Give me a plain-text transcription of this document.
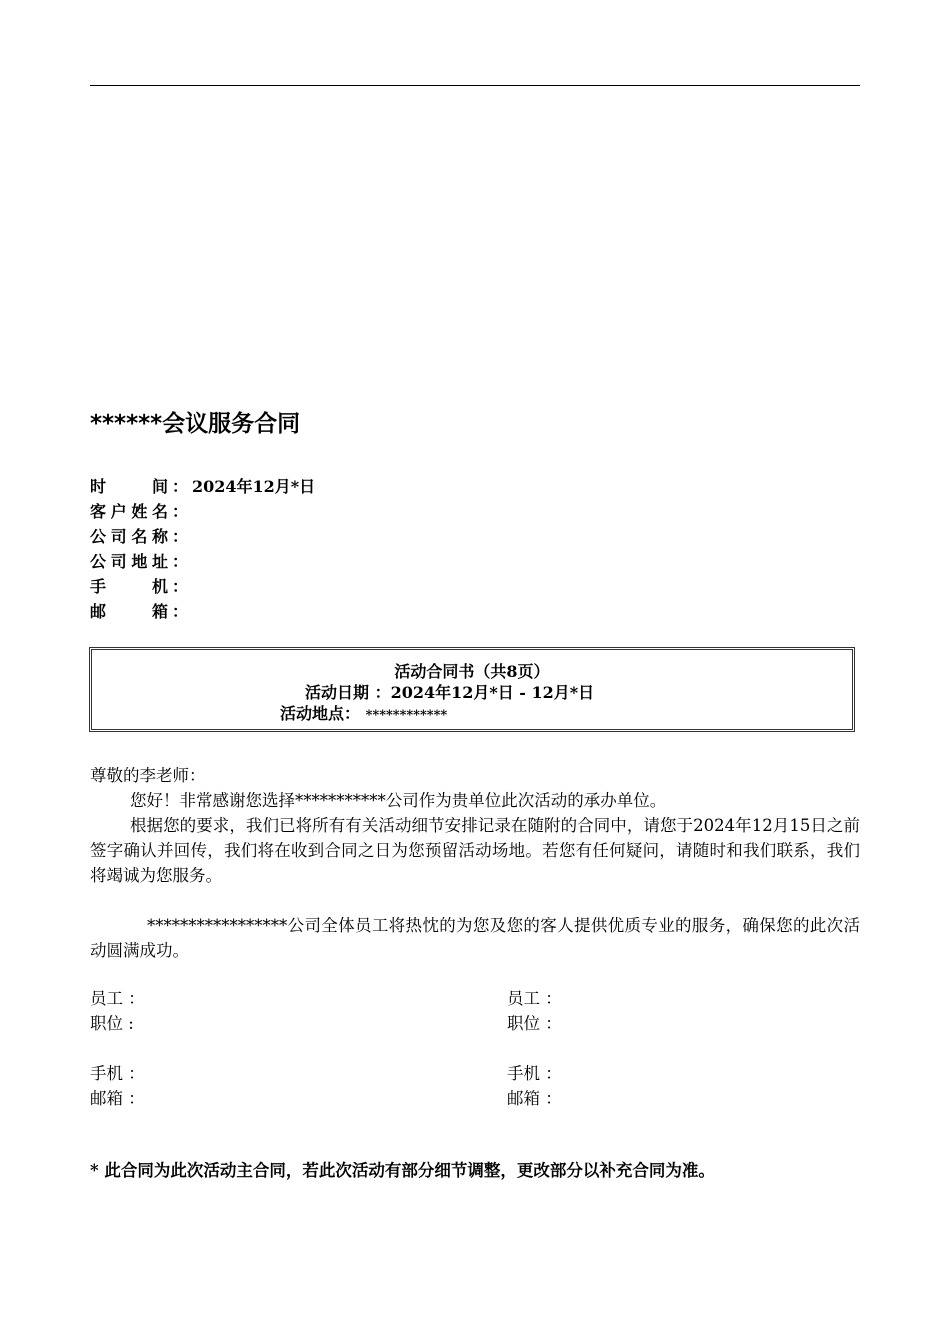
******会议服务合同
时间 ： 2024年12月*日
客户姓名 ：
公司名称 ：
公司地址 ：
手机 ：
邮箱 ：
活动合同书（共8页）
活动日期 ：2024年12月*日 - 12月*日
活动地点： ************

尊敬的李老师：

您好！非常感谢您选择***********公司作为贵单位此次活动的承办单位。

根据您的要求，我们已将所有有关活动细节安排记录在随附的合同中，请您于2024年12月15日之前签字确认并回传，我们将在收到合同之日为您预留活动场地。若您有任何疑问，请随时和我们联系，我们将竭诚为您服务。

*****************公司全体员工将热忱的为您及您的客人提供优质专业的服务，确保您的此次活动圆满成功。

员工 ：
职位 :
手机 ：
邮箱 ：
员工 ：
职位 ：
手机 ：
邮箱 ：
* 此合同为此次活动主合同，若此次活动有部分细节调整，更改部分以补充合同为准。
